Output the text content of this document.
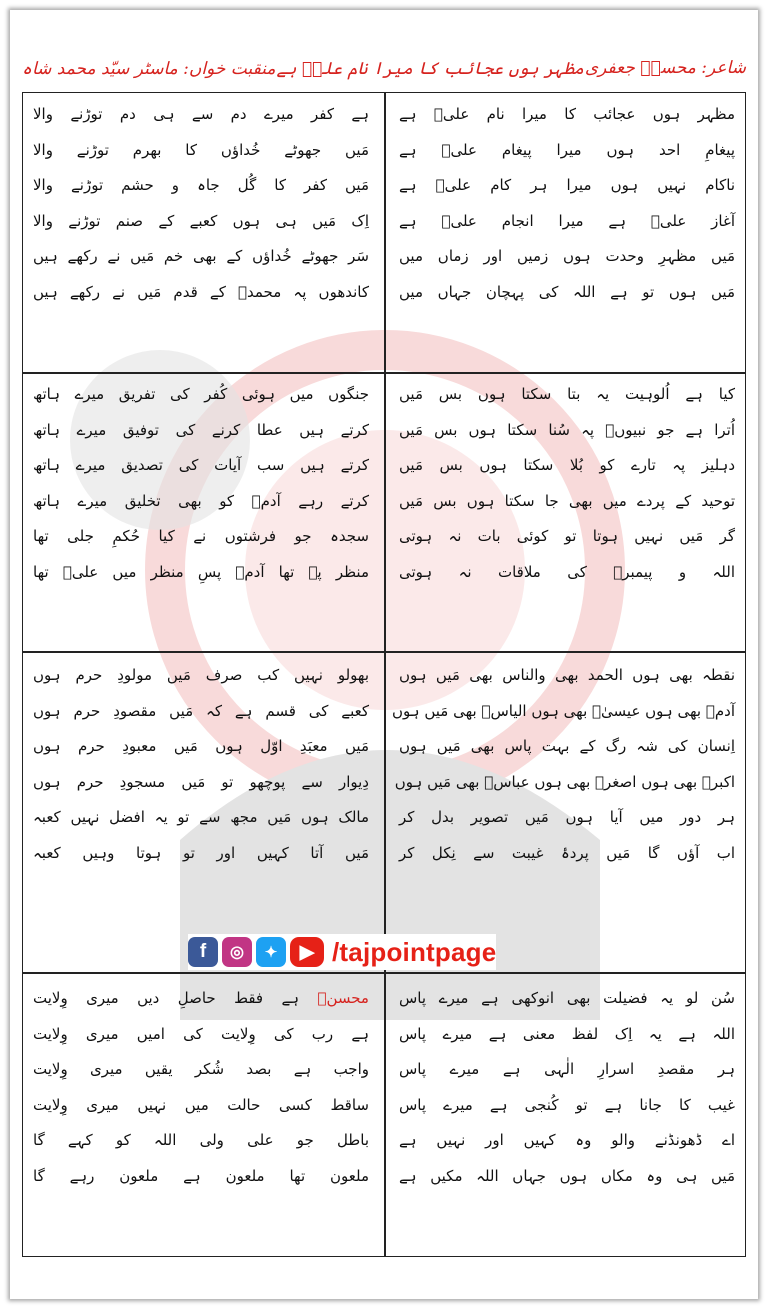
شاعر: محسنؔ جعفری
مظہر ہوں عجائب کا میرا نام علیؑ ہے
منقبت خواں: ماسٹر سیّد محمد شاہ
مظہر ہوں عجائب کا میرا نام علیؑ ہے
پیغامِ احد ہوں میرا پیغام علیؑ ہے
ناکام نہیں ہوں میرا ہر کام علیؑ ہے
آغاز علیؑ ہے میرا انجام علیؑ ہے
مَیں مظہرِ وحدت ہوں زمیں اور زماں میں
مَیں ہوں تو ہے اللہ کی پہچان جہاں میں
ہے کفر میرے دم سے ہی دم توڑنے والا
مَیں جھوٹے خُداؤں کا بھرم توڑنے والا
مَیں کفر کا گُل جاہ و حشم توڑنے والا
اِک مَیں ہی ہوں کعبے کے صنم توڑنے والا
سَر جھوٹے خُداؤں کے بھی خم مَیں نے رکھے ہیں
کاندھوں پہ محمدؐ کے قدم مَیں نے رکھے ہیں
کیا ہے اُلوہیت یہ بتا سکتا ہوں بس مَیں
اُترا ہے جو نبیوںؑ پہ سُنا سکتا ہوں بس مَیں
دہلیز پہ تارے کو بُلا سکتا ہوں بس مَیں
توحید کے پردے میں بھی جا سکتا ہوں بس مَیں
گر مَیں نہیں ہوتا تو کوئی بات نہ ہوتی
اللہ و پیمبرؐ کی ملاقات نہ ہوتی
جنگوں میں ہوئی کُفر کی تفریق میرے ہاتھ
کرتے ہیں عطا کرنے کی توفیق میرے ہاتھ
کرتے ہیں سب آیات کی تصدیق میرے ہاتھ
کرتے رہے آدمؑ کو بھی تخلیق میرے ہاتھ
سجدہ جو فرشتوں نے کیا حُکمِ جلی تھا
منظر پہ تھا آدمؑ پسِ منظر میں علیؑ تھا
نقطہ بھی ہوں الحمد بھی والناس بھی مَیں ہوں
آدمؑ بھی ہوں عیسیٰؑ بھی ہوں الیاسؑ بھی مَیں ہوں
اِنسان کی شہ رگ کے بہت پاس بھی مَیں ہوں
اکبرؑ بھی ہوں اصغرؑ بھی ہوں عباسؑ بھی مَیں ہوں
ہر دور میں آیا ہوں مَیں تصویر بدل کر
اب آؤں گا مَیں پردۂ غیبت سے نِکل کر
بھولو نہیں کب صرف مَیں مولودِ حرم ہوں
کعبے کی قسم ہے کہ مَیں مقصودِ حرم ہوں
مَیں معبَدِ اوّل ہوں مَیں معبودِ حرم ہوں
دِیوار سے پوچھو تو مَیں مسجودِ حرم ہوں
مالک ہوں مَیں مجھ سے تو یہ افضل نہیں کعبہ
مَیں آتا کہیں اور تو ہوتا وہیں کعبہ
سُن لو یہ فضیلت بھی انوکھی ہے میرے پاس
اللہ ہے یہ اِک لفظ معنی ہے میرے پاس
ہر مقصدِ اسرارِ الٰہی ہے میرے پاس
غیب کا جانا ہے تو کُنجی ہے میرے پاس
اے ڈھونڈنے والو وہ کہیں اور نہیں ہے
مَیں ہی وہ مکاں ہوں جہاں اللہ مکیں ہے
محسنؔ ہے فقط حاصلِ دیں میری وِلایت
ہے رب کی وِلایت کی امیں میری وِلایت
واجب ہے بصد شُکر یقیں میری وِلایت
ساقط کسی حالت میں نہیں میری وِلایت
باطل جو علی ولی اللہ کو کہے گا
ملعون تھا ملعون ہے ملعون رہے گا
f	◎	✦	▶ /tajpointpage
